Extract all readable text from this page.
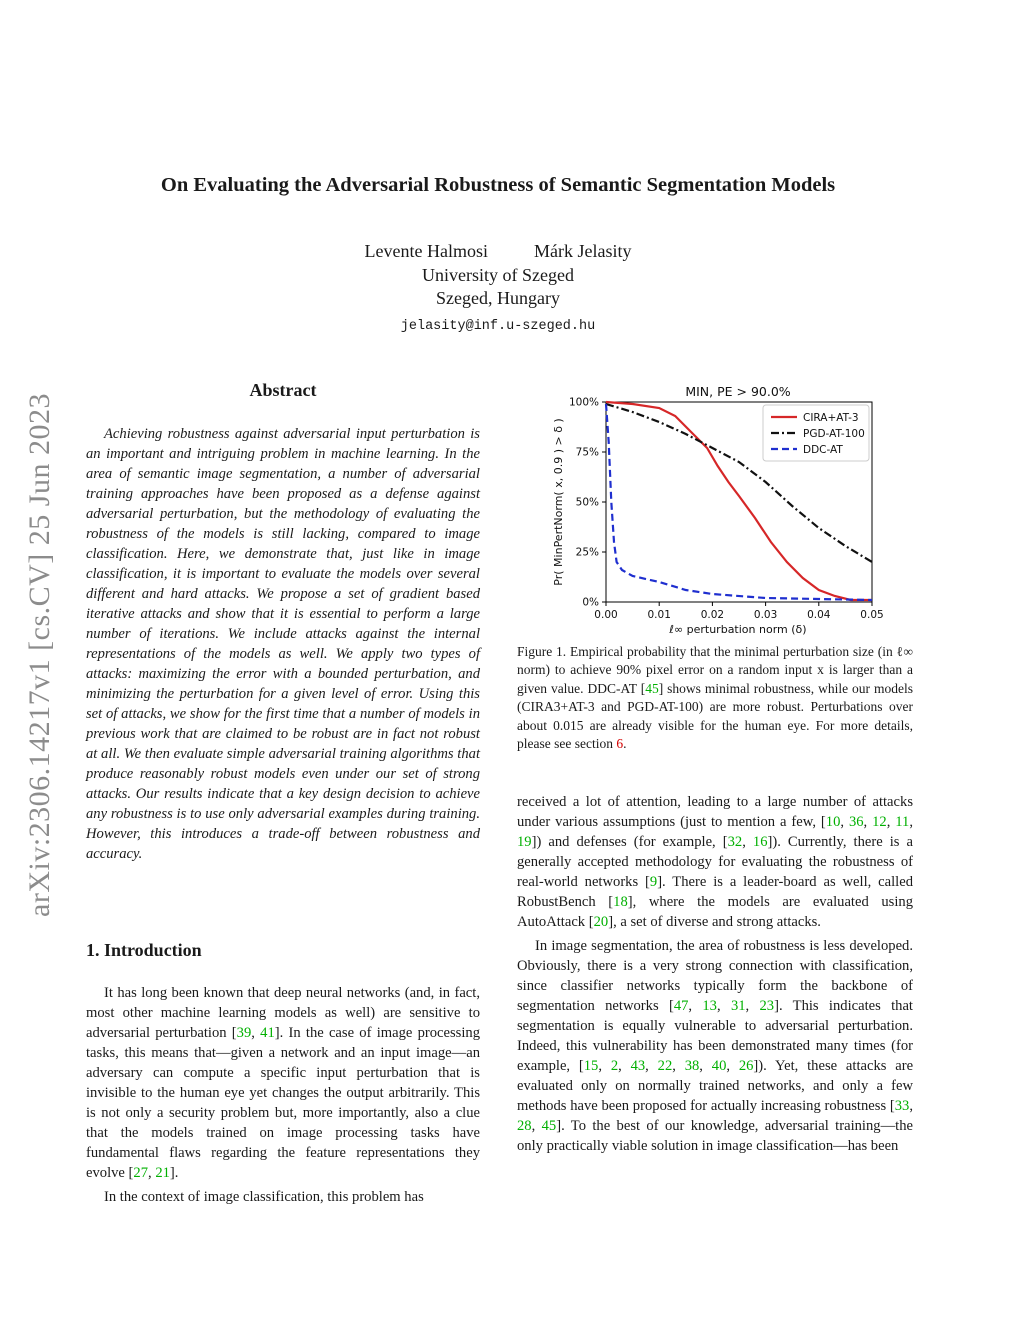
arXiv:2306.14217v1 [cs.CV] 25 Jun 2023
On Evaluating the Adversarial Robustness of Semantic Segmentation Models
Levente Halmosi	Márk Jelasity
University of Szeged
Szeged, Hungary
jelasity@inf.u-szeged.hu
Abstract

Achieving robustness against adversarial input perturbation is an important and intriguing problem in machine learning. In the area of semantic image segmentation, a number of adversarial training approaches have been proposed as a defense against adversarial perturbation, but the methodology of evaluating the robustness of the models is still lacking, compared to image classification. Here, we demonstrate that, just like in image classification, it is important to evaluate the models over several different and hard attacks. We propose a set of gradient based iterative attacks and show that it is essential to perform a large number of iterations. We include attacks against the internal representations of the models as well. We apply two types of attacks: maximizing the error with a bounded perturbation, and minimizing the perturbation for a given level of error. Using this set of attacks, we show for the first time that a number of models in previous work that are claimed to be robust are in fact not robust at all. We then evaluate simple adversarial training algorithms that produce reasonably robust models even under our set of strong attacks. Our results indicate that a key design decision to achieve any robustness is to use only adversarial examples during training. However, this introduces a trade-off between robustness and accuracy.

1. Introduction

It has long been known that deep neural networks (and, in fact, most other machine learning models as well) are sensitive to adversarial perturbation [39, 41]. In the case of image processing tasks, this means that—given a network and an input image—an adversary can compute a specific input perturbation that is invisible to the human eye yet changes the output arbitrarily. This is not only a security problem but, more importantly, also a clue that the models trained on image processing tasks have fundamental flaws regarding the feature representations they evolve [27, 21].

In the context of image classification, this problem has

MIN, PE > 90.0%
Pr( MinPertNorm( x, 0.9 ) > δ )
ℓ∞ perturbation norm (δ)
0.00	0.01	0.02	0.03	0.04	0.05
0%
25%
50%
75%
100%
CIRA+AT-3
PGD-AT-100
DDC-AT

Figure 1. Empirical probability that the minimal perturbation size (in ℓ∞ norm) to achieve 90% pixel error on a random input x is larger than a given value. DDC-AT [45] shows minimal robustness, while our models (CIRA3+AT-3 and PGD-AT-100) are more robust. Perturbations over about 0.015 are already visible for the human eye. For more details, please see section 6.

received a lot of attention, leading to a large number of attacks under various assumptions (just to mention a few, [10, 36, 12, 11, 19]) and defenses (for example, [32, 16]). Currently, there is a generally accepted methodology for evaluating the robustness of real-world networks [9]. There is a leader-board as well, called RobustBench [18], where the models are evaluated using AutoAttack [20], a set of diverse and strong attacks.

In image segmentation, the area of robustness is less developed. Obviously, there is a very strong connection with classification, since classifier networks typically form the backbone of segmentation networks [47, 13, 31, 23]. This indicates that segmentation is equally vulnerable to adversarial perturbation. Indeed, this vulnerability has been demonstrated many times (for example, [15, 2, 43, 22, 38, 40, 26]). Yet, these attacks are evaluated only on normally trained networks, and only a few methods have been proposed for actually increasing robustness [33, 28, 45]. To the best of our knowledge, adversarial training—the only practically viable solution in image classification—has been
